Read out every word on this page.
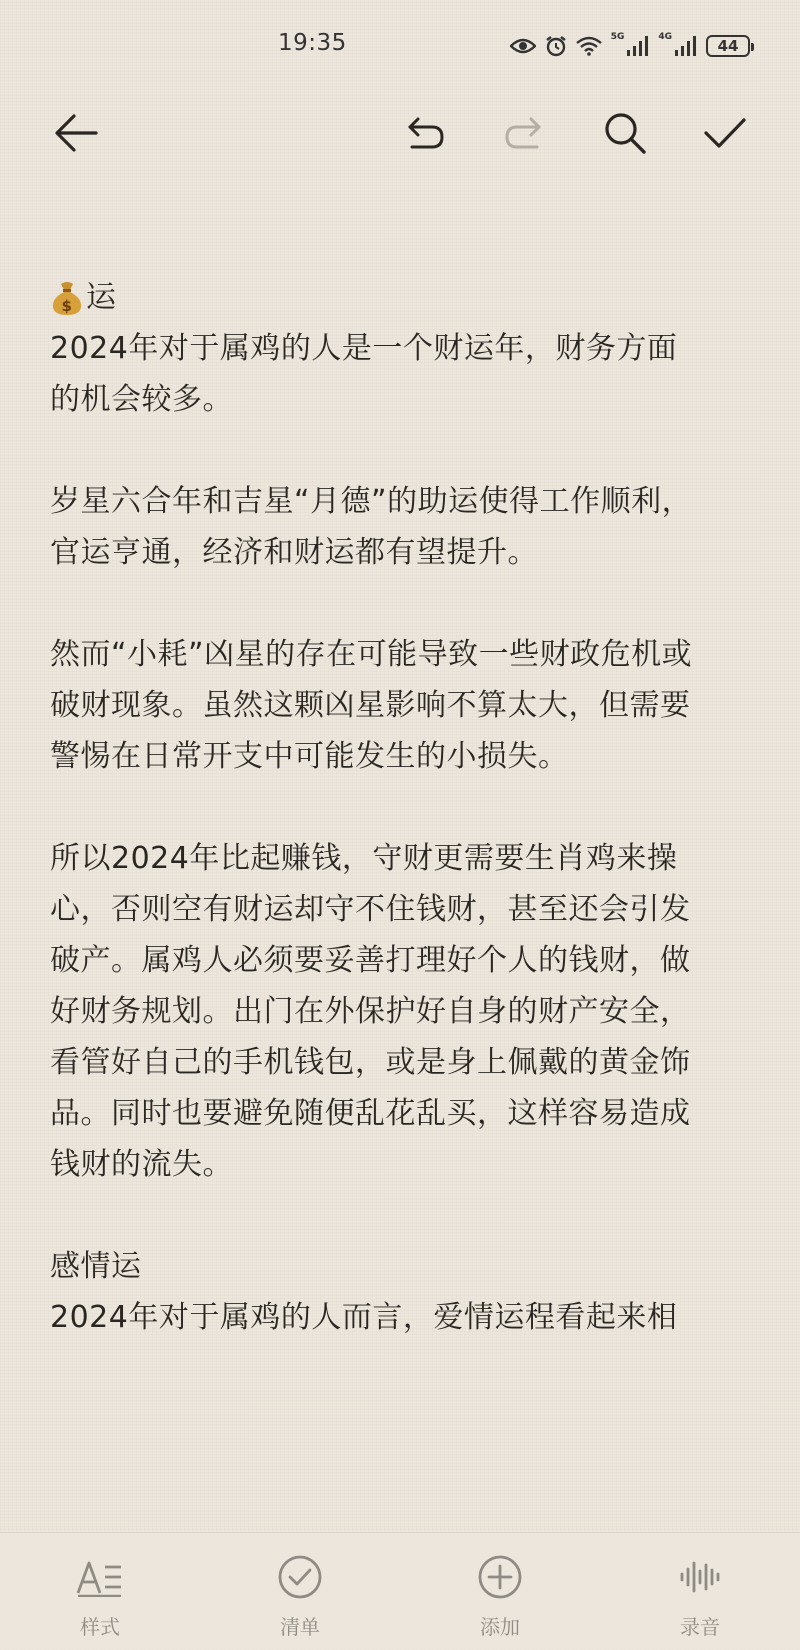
19:35	5G	4G	44
$ 运
2024年对于属鸡的人是一个财运年，财务方面
的机会较多。
岁星六合年和吉星“月德”的助运使得工作顺利，
官运亨通，经济和财运都有望提升。
然而“小耗”凶星的存在可能导致一些财政危机或
破财现象。虽然这颗凶星影响不算太大，但需要
警惕在日常开支中可能发生的小损失。
所以2024年比起赚钱，守财更需要生肖鸡来操
心，否则空有财运却守不住钱财，甚至还会引发
破产。属鸡人必须要妥善打理好个人的钱财，做
好财务规划。出门在外保护好自身的财产安全，
看管好自己的手机钱包，或是身上佩戴的黄金饰
品。同时也要避免随便乱花乱买，这样容易造成
钱财的流失。
感情运
2024年对于属鸡的人而言，爱情运程看起来相
样式	清单	添加	录音
